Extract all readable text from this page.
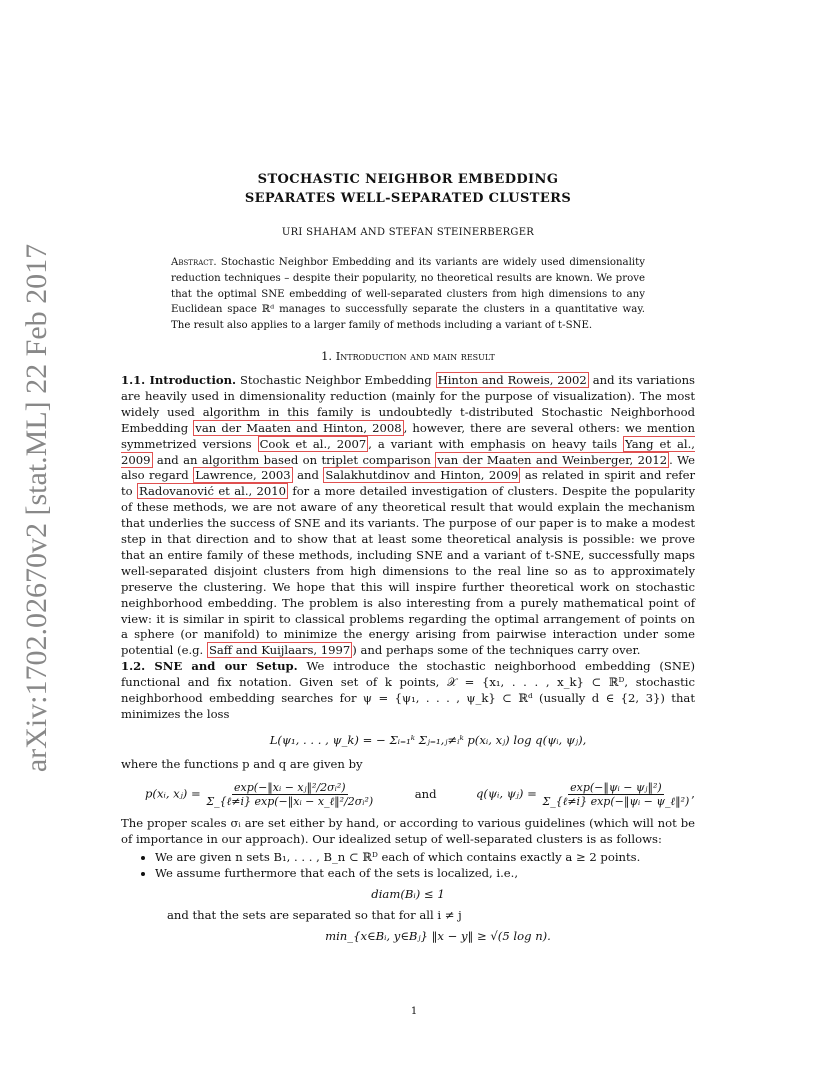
arXiv:1702.02670v2 [stat.ML] 22 Feb 2017
STOCHASTIC NEIGHBOR EMBEDDING
SEPARATES WELL-SEPARATED CLUSTERS
URI SHAHAM AND STEFAN STEINERBERGER
Abstract. Stochastic Neighbor Embedding and its variants are widely used dimensionality reduction techniques – despite their popularity, no theoretical results are known. We prove that the optimal SNE embedding of well-separated clusters from high dimensions to any Euclidean space ℝᵈ manages to successfully separate the clusters in a quantitative way. The result also applies to a larger family of methods including a variant of t-SNE.
1. Introduction and main result

1.1. Introduction. Stochastic Neighbor Embedding Hinton and Roweis, 2002 and its variations are heavily used in dimensionality reduction (mainly for the purpose of visualization). The most widely used algorithm in this family is undoubtedly t-distributed Stochastic Neighborhood Embedding van der Maaten and Hinton, 2008 , however, there are several others: we mention symmetrized versions Cook et al., 2007 , a variant with emphasis on heavy tails Yang et al., 2009 and an algorithm based on triplet comparison van der Maaten and Weinberger, 2012 . We also regard Lawrence, 2003 and Salakhutdinov and Hinton, 2009 as related in spirit and refer to Radovanović et al., 2010 for a more detailed investigation of clusters. Despite the popularity of these methods, we are not aware of any theoretical result that would explain the mechanism that underlies the success of SNE and its variants. The purpose of our paper is to make a modest step in that direction and to show that at least some theoretical analysis is possible: we prove that an entire family of these methods, including SNE and a variant of t-SNE, successfully maps well-separated disjoint clusters from high dimensions to the real line so as to approximately preserve the clustering. We hope that this will inspire further theoretical work on stochastic neighborhood embedding. The problem is also interesting from a purely mathematical point of view: it is similar in spirit to classical problems regarding the optimal arrangement of points on a sphere (or manifold) to minimize the energy arising from pairwise interaction under some potential (e.g. Saff and Kuijlaars, 1997 ) and perhaps some of the techniques carry over.

1.2. SNE and our Setup. We introduce the stochastic neighborhood embedding (SNE) functional and fix notation. Given set of k points, 𝒳 = {x₁, . . . , x_k} ⊂ ℝᴰ, stochastic neighborhood embedding searches for ψ = {ψ₁, . . . , ψ_k} ⊂ ℝᵈ (usually d ∈ {2, 3}) that minimizes the loss

L(ψ₁, . . . , ψ_k) = − Σᵢ₌₁ᵏ Σⱼ₌₁,ⱼ≠ᵢᵏ p(xᵢ, xⱼ) log q(ψᵢ, ψⱼ),

where the functions p and q are given by

p(xᵢ, xⱼ) = $\frac{\text{exp(−‖xᵢ − xⱼ‖²/2σᵢ²)}}{\text{Σ\_\{ℓ≠i\} exp(−‖xᵢ − x\_ℓ‖²/2σᵢ²)}}$	and	q(ψᵢ, ψⱼ) = $\frac{\text{exp(−‖ψᵢ − ψⱼ‖²)}}{\text{Σ\_\{ℓ≠i\} exp(−‖ψᵢ − ψ\_ℓ‖²)}}$ ,

The proper scales σᵢ are set either by hand, or according to various guidelines (which will not be of importance in our approach). Our idealized setup of well-separated clusters is as follows:

• We are given n sets B₁, . . . , B_n ⊂ ℝᴰ each of which contains exactly a ≥ 2 points.
• We assume furthermore that each of the sets is localized, i.e.,
diam(Bᵢ) ≤ 1
and that the sets are separated so that for all i ≠ j
min_{x∈Bᵢ, y∈Bⱼ} ‖x − y‖ ≥ √(5 log n).
1
